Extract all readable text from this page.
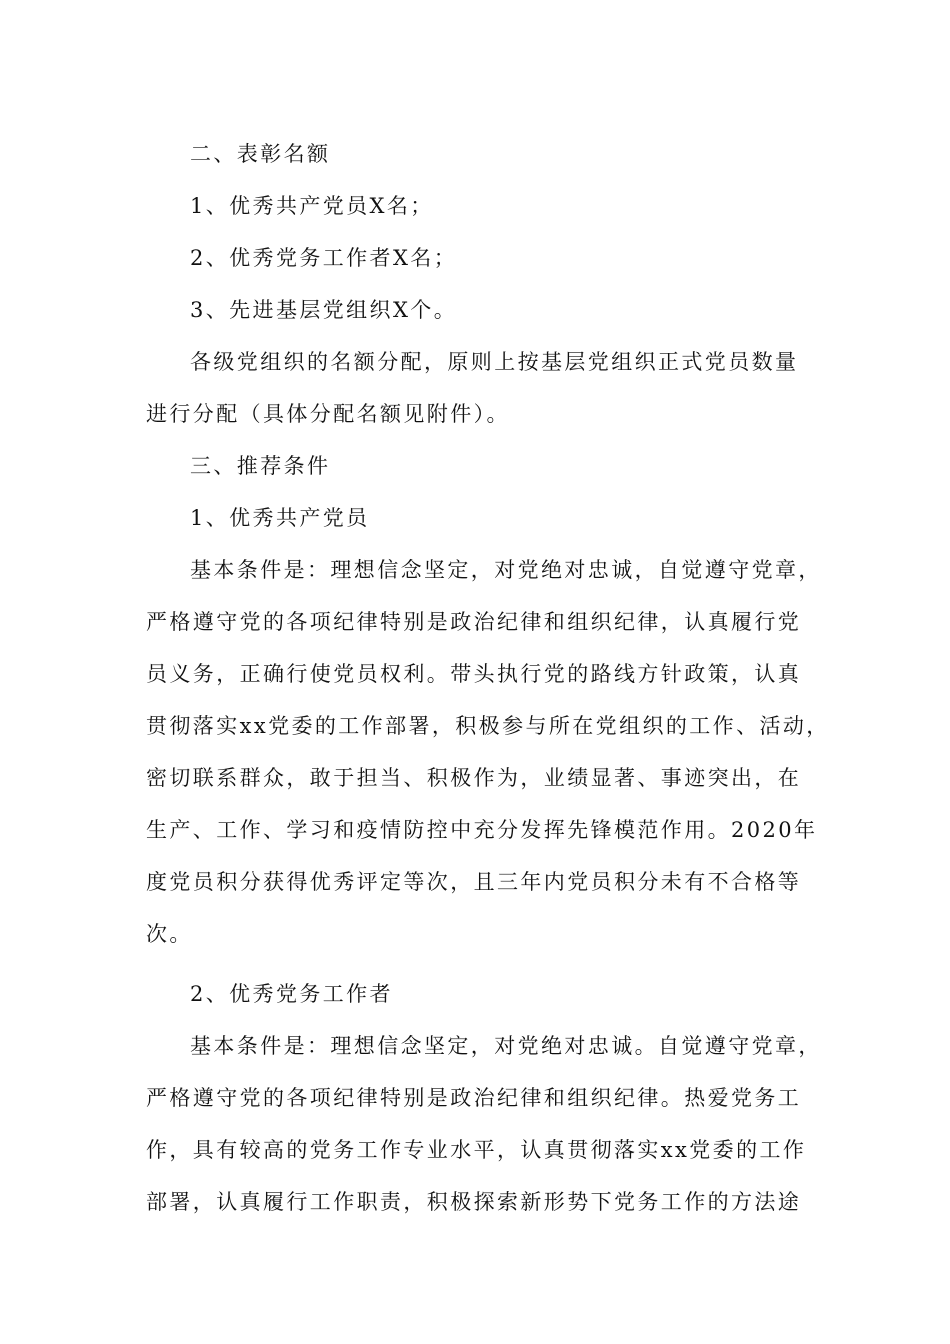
二、表彰名额
1、优秀共产党员X名；
2、优秀党务工作者X名；
3、先进基层党组织X个。
各级党组织的名额分配，原则上按基层党组织正式党员数量
进行分配（具体分配名额见附件）。
三、推荐条件
1、优秀共产党员
基本条件是：理想信念坚定，对党绝对忠诚，自觉遵守党章，
严格遵守党的各项纪律特别是政治纪律和组织纪律，认真履行党
员义务，正确行使党员权利。带头执行党的路线方针政策，认真
贯彻落实xx党委的工作部署，积极参与所在党组织的工作、活动，
密切联系群众，敢于担当、积极作为，业绩显著、事迹突出，在
生产、工作、学习和疫情防控中充分发挥先锋模范作用。2020年
度党员积分获得优秀评定等次，且三年内党员积分未有不合格等
次。
2、优秀党务工作者
基本条件是：理想信念坚定，对党绝对忠诚。自觉遵守党章，
严格遵守党的各项纪律特别是政治纪律和组织纪律。热爱党务工
作，具有较高的党务工作专业水平，认真贯彻落实xx党委的工作
部署，认真履行工作职责，积极探索新形势下党务工作的方法途
